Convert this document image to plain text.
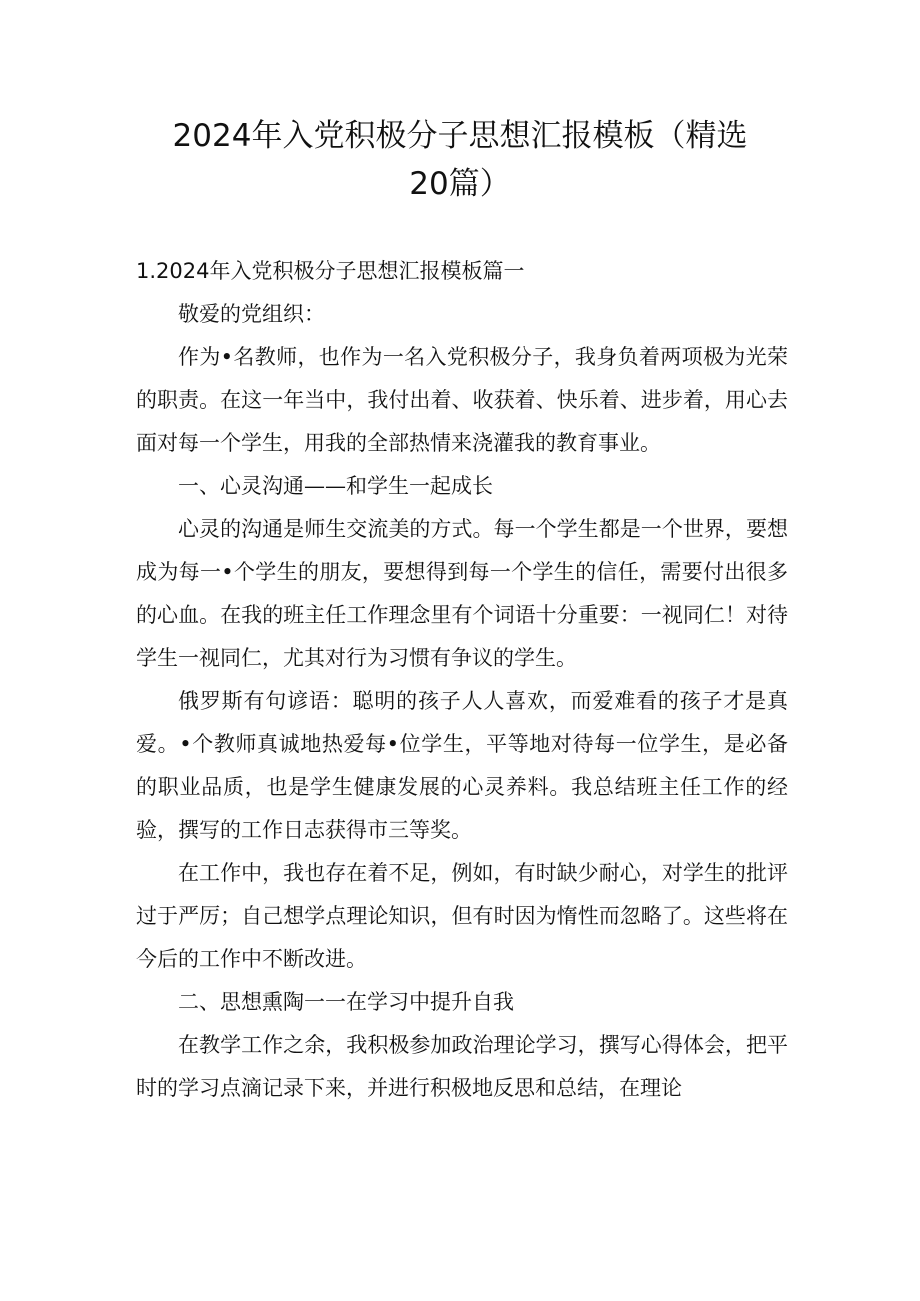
2024年入党积极分子思想汇报模板（精选
20篇）

1.2024年入党积极分子思想汇报模板篇一

敬爱的党组织：

作为•名教师，也作为一名入党积极分子，我身负着两项极为光荣的职责。在这一年当中，我付出着、收获着、快乐着、进步着，用心去面对每一个学生，用我的全部热情来浇灌我的教育事业。

一、心灵沟通——和学生一起成长

心灵的沟通是师生交流美的方式。每一个学生都是一个世界，要想成为每一•个学生的朋友，要想得到每一个学生的信任，需要付出很多的心血。在我的班主任工作理念里有个词语十分重要：一视同仁！对待学生一视同仁，尤其对行为习惯有争议的学生。

俄罗斯有句谚语：聪明的孩子人人喜欢，而爱难看的孩子才是真爱。•个教师真诚地热爱每•位学生，平等地对待每一位学生，是必备的职业品质，也是学生健康发展的心灵养料。我总结班主任工作的经验，撰写的工作日志获得市三等奖。

在工作中，我也存在着不足，例如，有时缺少耐心，对学生的批评过于严厉；自己想学点理论知识，但有时因为惰性而忽略了。这些将在今后的工作中不断改进。

二、思想熏陶一一在学习中提升自我

在教学工作之余，我积极参加政治理论学习，撰写心得体会，把平时的学习点滴记录下来，并进行积极地反思和总结，在理论
